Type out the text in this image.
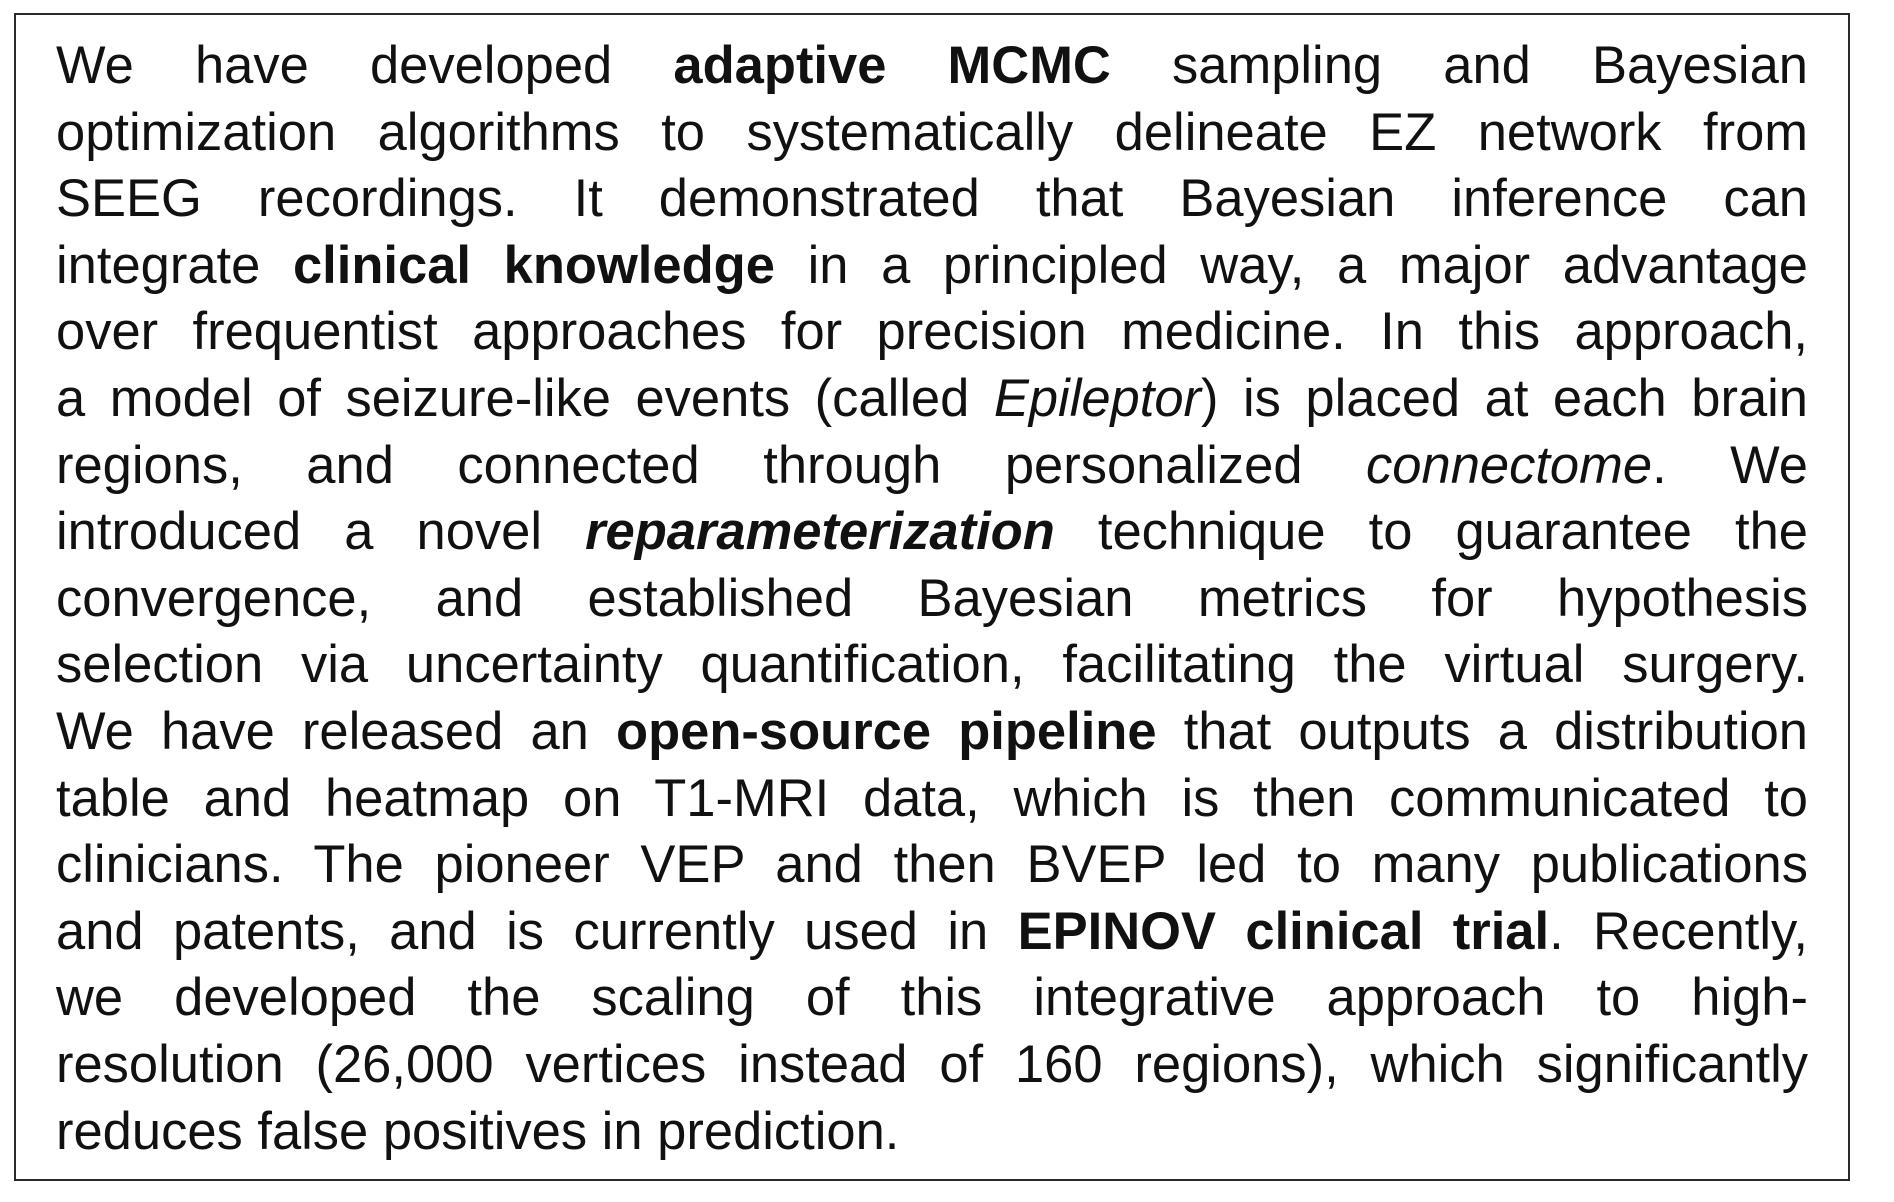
We have developed adaptive MCMC sampling and Bayesian
optimization algorithms to systematically delineate EZ network from
SEEG recordings. It demonstrated that Bayesian inference can
integrate clinical knowledge in a principled way, a major advantage
over frequentist approaches for precision medicine. In this approach,
a model of seizure-like events (called Epileptor) is placed at each brain
regions, and connected through personalized connectome. We
introduced a novel reparameterization technique to guarantee the
convergence, and established Bayesian metrics for hypothesis
selection via uncertainty quantification, facilitating the virtual surgery.
We have released an open-source pipeline that outputs a distribution
table and heatmap on T1-MRI data, which is then communicated to
clinicians. The pioneer VEP and then BVEP led to many publications
and patents, and is currently used in EPINOV clinical trial. Recently,
we developed the scaling of this integrative approach to high-
resolution (26,000 vertices instead of 160 regions), which significantly
reduces false positives in prediction.
